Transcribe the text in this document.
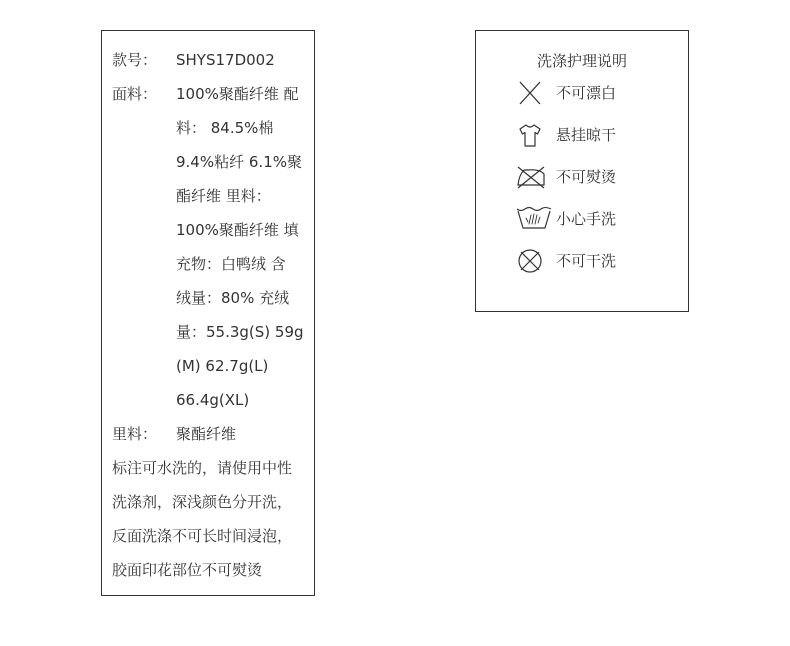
款号： SHYS17D002
面料：	100%聚酯纤维 配
料： 84.5%棉
9.4%粘纤 6.1%聚
酯纤维 里料：
100%聚酯纤维 填
充物：白鸭绒 含
绒量：80% 充绒
量：55.3g(S) 59g
(M) 62.7g(L)
66.4g(XL)
里料： 聚酯纤维
标注可水洗的，请使用中性
洗涤剂，深浅颜色分开洗，
反面洗涤不可长时间浸泡，
胶面印花部位不可熨烫
洗涤护理说明
不可漂白
悬挂晾干
不可熨烫
小心手洗
不可干洗
